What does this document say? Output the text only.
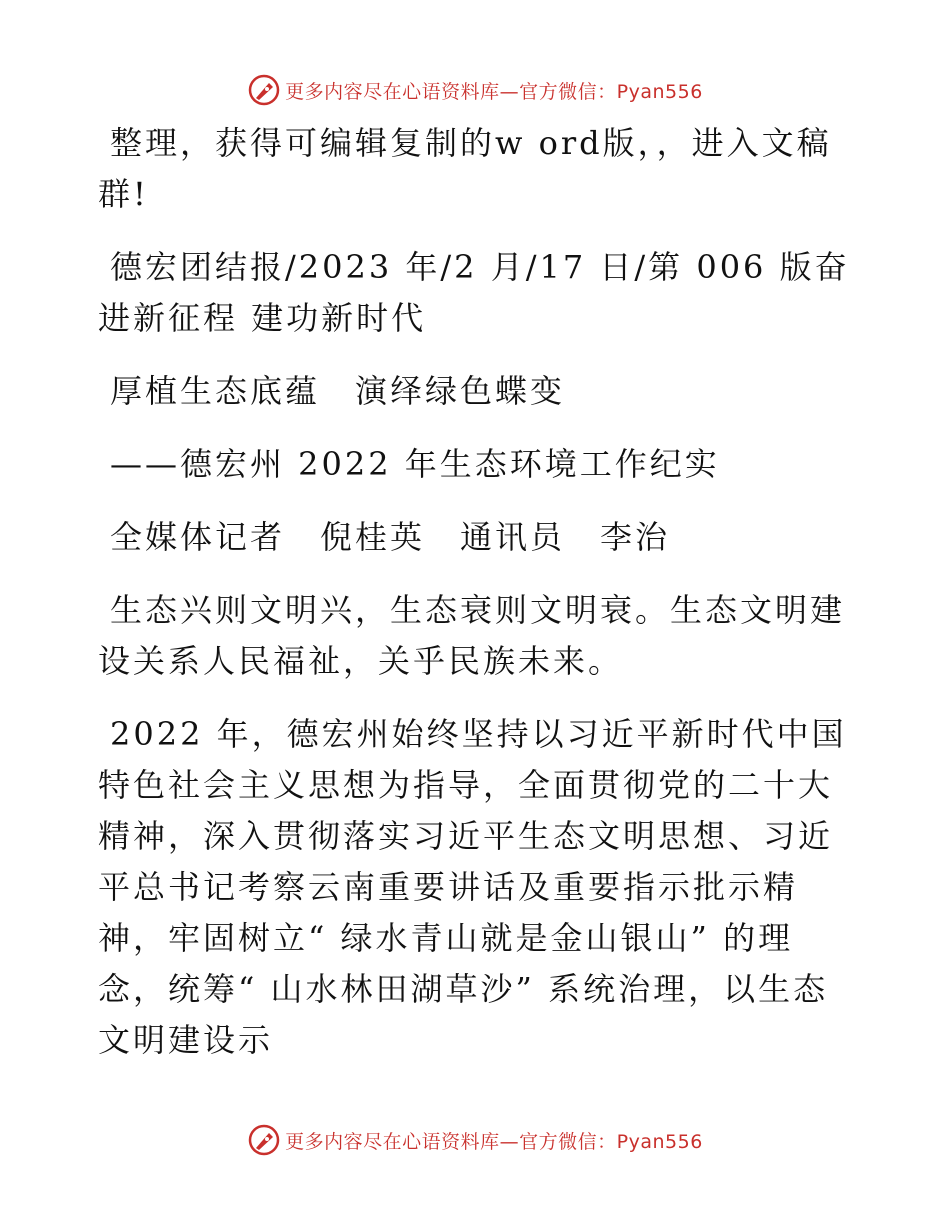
更多内容尽在心语资料库—官方微信：Pyan556

整理，获得可编辑复制的w ord版，，进入文稿群!

德宏团结报/2023 年/2 月/17 日/第 006 版奋进新征程 建功新时代

厚植生态底蕴　演绎绿色蝶变

——德宏州 2022 年生态环境工作纪实

全媒体记者　倪桂英　通讯员　李治

生态兴则文明兴，生态衰则文明衰。生态文明建设关系人民福祉，关乎民族未来。

2022 年，德宏州始终坚持以习近平新时代中国特色社会主义思想为指导，全面贯彻党的二十大精神，深入贯彻落实习近平生态文明思想、习近平总书记考察云南重要讲话及重要指示批示精神，牢固树立“ 绿水青山就是金山银山” 的理念，统筹“ 山水林田湖草沙” 系统治理，以生态文明建设示

更多内容尽在心语资料库—官方微信：Pyan556
